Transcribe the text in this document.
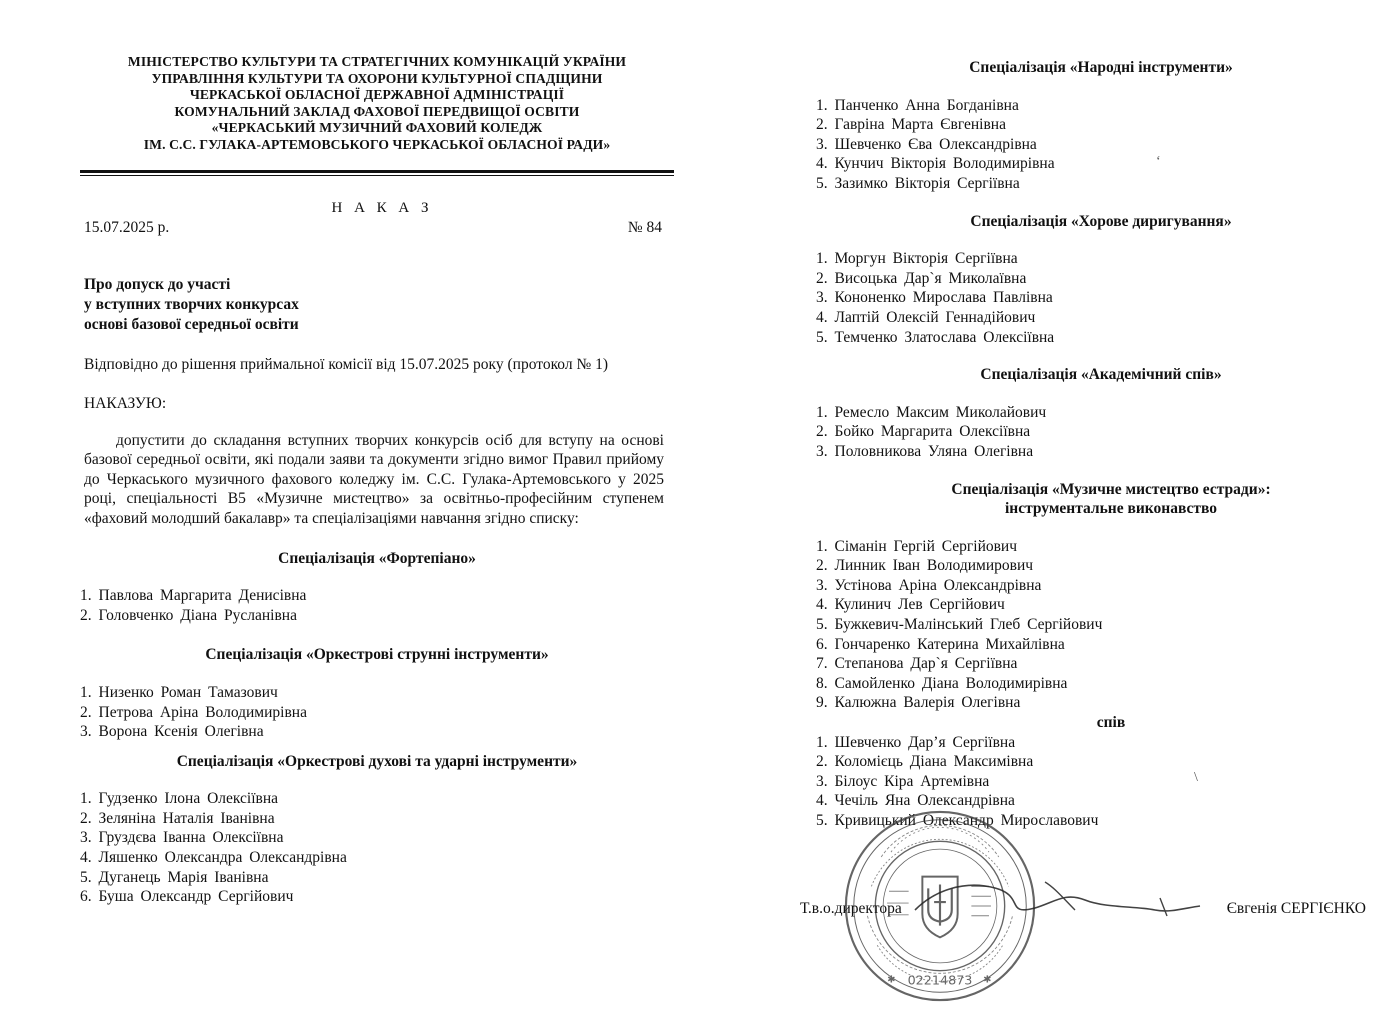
МІНІСТЕРСТВО КУЛЬТУРИ ТА СТРАТЕГІЧНИХ КОМУНІКАЦІЙ УКРАЇНИ
УПРАВЛІННЯ КУЛЬТУРИ ТА ОХОРОНИ КУЛЬТУРНОЇ СПАДЩИНИ
ЧЕРКАСЬКОЇ ОБЛАСНОЇ ДЕРЖАВНОЇ АДМІНІСТРАЦІЇ
КОМУНАЛЬНИЙ ЗАКЛАД ФАХОВОЇ ПЕРЕДВИЩОЇ ОСВІТИ
«ЧЕРКАСЬКИЙ МУЗИЧНИЙ ФАХОВИЙ КОЛЕДЖ
ІМ. С.С. ГУЛАКА-АРТЕМОВСЬКОГО ЧЕРКАСЬКОЇ ОБЛАСНОЇ РАДИ»
Н А К А З
15.07.2025 р.	№ 84
Про допуск до участі
у вступних творчих конкурсах
основі базової середньої освіти
Відповідно до рішення приймальної комісії від 15.07.2025 року (протокол № 1)
НАКАЗУЮ:
допустити до складання вступних творчих конкурсів осіб для вступу на основі базової середньої освіти, які подали заяви та документи згідно вимог Правил прийому до Черкаського музичного фахового коледжу ім. С.С. Гулака-Артемовського у 2025 році, спеціальності В5 «Музичне мистецтво» за освітньо-професійним ступенем «фаховий молодший бакалавр» та спеціалізаціями навчання згідно списку:
Спеціалізація «Фортепіано»
1. Павлова Маргарита Денисівна
2. Головченко Діана Русланівна
Спеціалізація «Оркестрові струнні інструменти»
1. Низенко Роман Тамазович
2. Петрова Аріна Володимирівна
3. Ворона Ксенія Олегівна
Спеціалізація «Оркестрові духові та ударні інструменти»
1. Гудзенко Ілона Олексіївна
2. Зеляніна Наталія Іванівна
3. Груздєва Іванна Олексіївна
4. Ляшенко Олександра Олександрівна
5. Дуганець Марія Іванівна
6. Буша Олександр Сергійович
Спеціалізація «Народні інструменти»
1. Панченко Анна Богданівна
2. Гавріна Марта Євгенівна
3. Шевченко Єва Олександрівна
4. Кунчич Вікторія Володимирівна
5. Зазимко Вікторія Сергіївна
Спеціалізація «Хорове диригування»
1. Моргун Вікторія Сергіївна
2. Висоцька Дар`я Миколаївна
3. Кононенко Мирослава Павлівна
4. Лаптій Олексій Геннадійович
5. Темченко Златослава Олексіївна
Спеціалізація «Академічний спів»
1. Ремесло Максим Миколайович
2. Бойко Маргарита Олексіївна
3. Половникова Уляна Олегівна
Спеціалізація «Музичне мистецтво естради»:
інструментальне виконавство
1. Сіманін Гергій Сергійович
2. Линник Іван Володимирович
3. Устінова Аріна Олександрівна
4. Кулинич Лев Сергійович
5. Бужкевич-Малінський Глеб Сергійович
6. Гончаренко Катерина Михайлівна
7. Степанова Дар`я Сергіївна
8. Самойленко Діана Володимирівна
9. Калюжна Валерія Олегівна
спів
1. Шевченко Дар’я Сергіївна
2. Коломієць Діана Максимівна
3. Білоус Кіра Артемівна
4. Чечіль Яна Олександрівна
5. Кривицький Олександр Мирославович
‘
\
02214873
✱	✱
Т.в.о.директора	Євгенія СЕРГІЄНКО
